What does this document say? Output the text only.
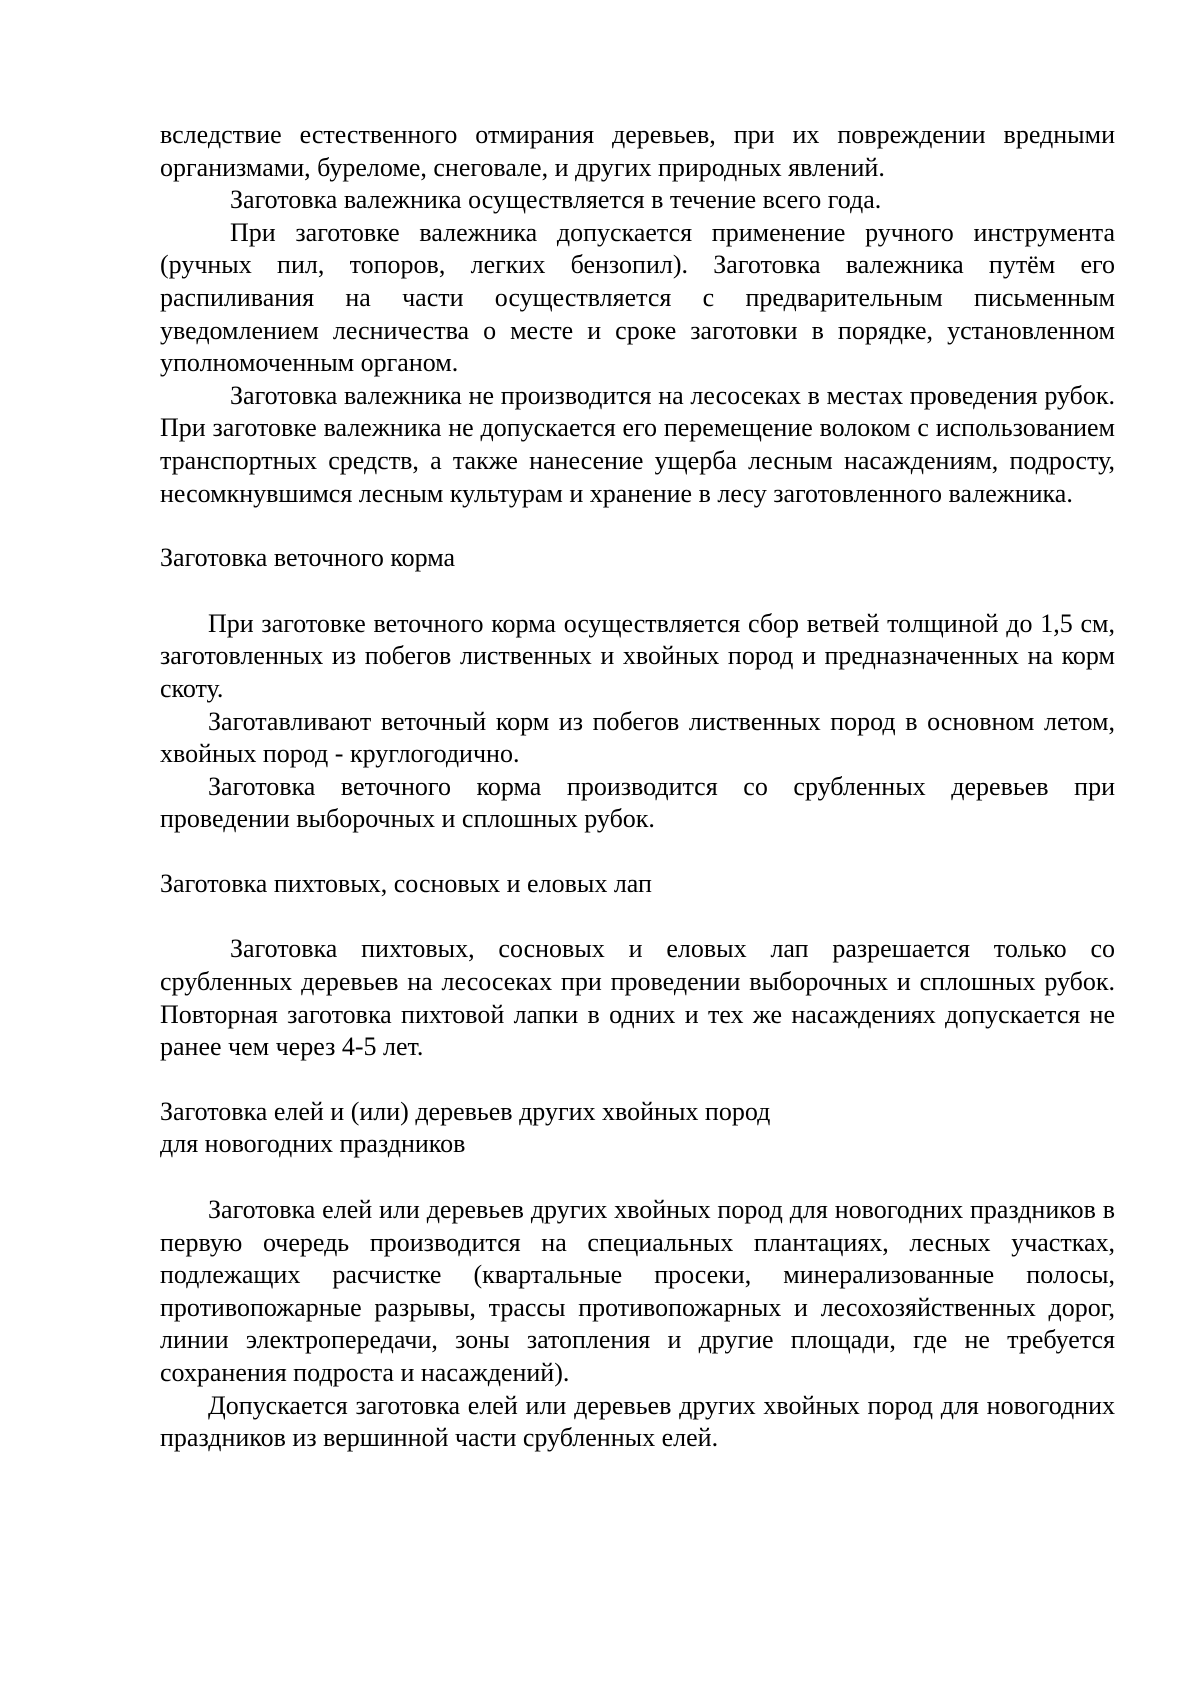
вследствие естественного отмирания деревьев, при их повреждении вредными организмами, буреломе, снеговале, и других природных явлений.

Заготовка валежника осуществляется в течение всего года.

При заготовке валежника допускается применение ручного инструмента (ручных пил, топоров, легких бензопил). Заготовка валежника путём его распиливания на части осуществляется с предварительным письменным уведомлением лесничества о месте и сроке заготовки в порядке, установленном уполномоченным органом.

Заготовка валежника не производится на лесосеках в местах проведения рубок. При заготовке валежника не допускается его перемещение волоком с использованием транспортных средств, а также нанесение ущерба лесным насаждениям, подросту, несомкнувшимся лесным культурам и хранение в лесу заготовленного валежника.

Заготовка веточного корма

При заготовке веточного корма осуществляется сбор ветвей толщиной до 1,5 см, заготовленных из побегов лиственных и хвойных пород и предназначенных на корм скоту.

Заготавливают веточный корм из побегов лиственных пород в основном летом, хвойных пород - круглогодично.

Заготовка веточного корма производится со срубленных деревьев при проведении выборочных и сплошных рубок.

Заготовка пихтовых, сосновых и еловых лап

Заготовка пихтовых, сосновых и еловых лап разрешается только со срубленных деревьев на лесосеках при проведении выборочных и сплошных рубок. Повторная заготовка пихтовой лапки в одних и тех же насаждениях допускается не ранее чем через 4-5 лет.

Заготовка елей и (или) деревьев других хвойных пород

для новогодних праздников

Заготовка елей или деревьев других хвойных пород для новогодних праздников в первую очередь производится на специальных плантациях, лесных участках, подлежащих расчистке (квартальные просеки, минерализованные полосы, противопожарные разрывы, трассы противопожарных и лесохозяйственных дорог, линии электропередачи, зоны затопления и другие площади, где не требуется сохранения подроста и насаждений).

Допускается заготовка елей или деревьев других хвойных пород для новогодних праздников из вершинной части срубленных елей.
